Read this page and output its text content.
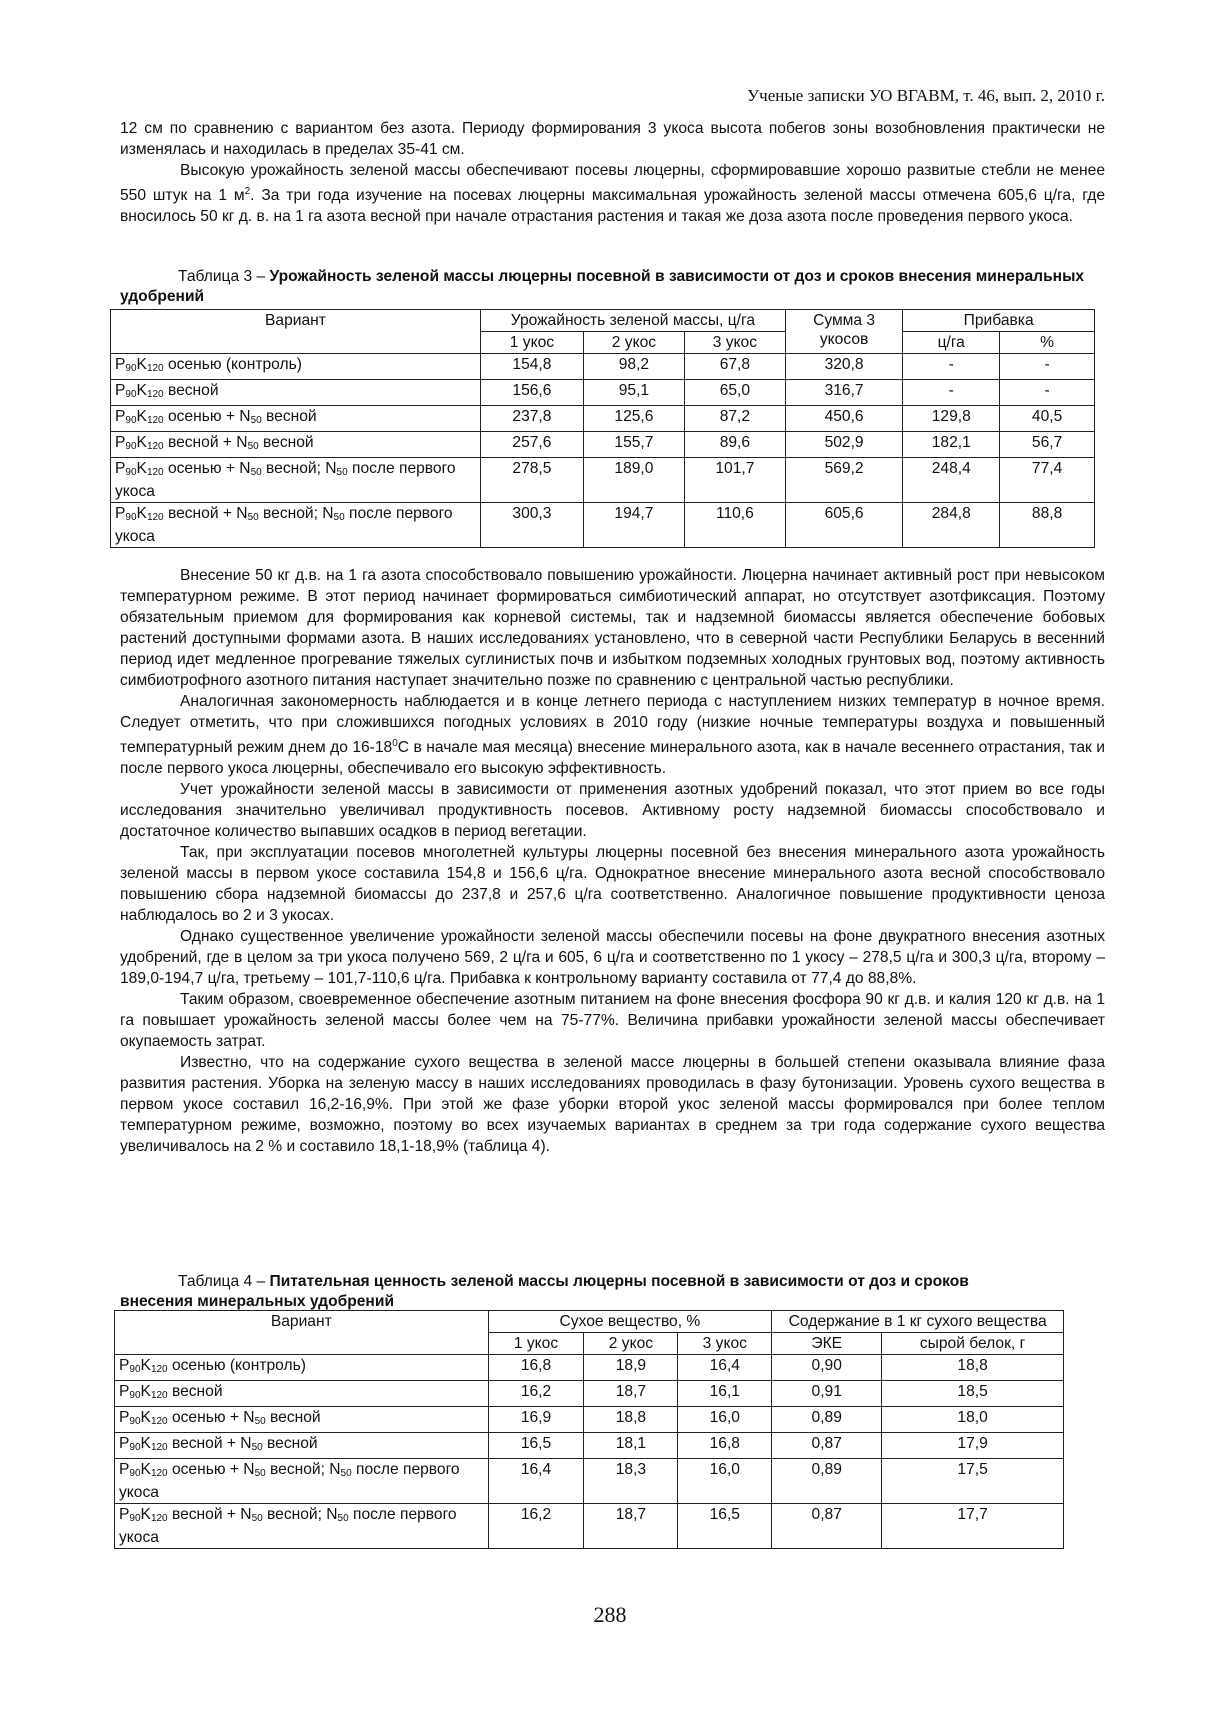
Ученые записки УО ВГАВМ, т. 46, вып. 2, 2010 г.

12 см по сравнению с вариантом без азота. Периоду формирования 3 укоса высота побегов зоны возобновления практически не изменялась и находилась в пределах 35-41 см.

Высокую урожайность зеленой массы обеспечивают посевы люцерны, сформировавшие хорошо развитые стебли не менее 550 штук на 1 $м^2$. За три года изучение на посевах люцерны максимальная урожайность зеленой массы отмечена 605,6 ц/га, где вносилось 50 кг д. в. на 1 га азота весной при начале отрастания растения и такая же доза азота после проведения первого укоса.

Таблица 3 – Урожайность зеленой массы люцерны посевной в зависимости от доз и сроков внесения минеральных удобрений
Вариант	Урожайность зеленой массы, ц/га			Сумма 3 укосов	Прибавка	
	1 укос	2 укос	3 укос		ц/га	%
$P_{90}K_{120}$ осенью (контроль)	154,8	98,2	67,8	320,8	-	-
$P_{90}K_{120}$ весной	156,6	95,1	65,0	316,7	-	-
$P_{90}K_{120}$ осенью + $N_{50}$ весной	237,8	125,6	87,2	450,6	129,8	40,5
$P_{90}K_{120}$ весной + $N_{50}$ весной	257,6	155,7	89,6	502,9	182,1	56,7
$P_{90}K_{120}$ осенью + $N_{50}$ весной; $N_{50}$ после первого укоса	278,5	189,0	101,7	569,2	248,4	77,4
$P_{90}K_{120}$ весной + $N_{50}$ весной; $N_{50}$ после первого укоса	300,3	194,7	110,6	605,6	284,8	88,8

Внесение 50 кг д.в. на 1 га азота способствовало повышению урожайности. Люцерна начинает активный рост при невысоком температурном режиме. В этот период начинает формироваться симбиотический аппарат, но отсутствует азотфиксация. Поэтому обязательным приемом для формирования как корневой системы, так и надземной биомассы является обеспечение бобовых растений доступными формами азота. В наших исследованиях установлено, что в северной части Республики Беларусь в весенний период идет медленное прогревание тяжелых суглинистых почв и избытком подземных холодных грунтовых вод, поэтому активность симбиотрофного азотного питания наступает значительно позже по сравнению с центральной частью республики.

Аналогичная закономерность наблюдается и в конце летнего периода с наступлением низких температур в ночное время. Следует отметить, что при сложившихся погодных условиях в 2010 году (низкие ночные температуры воздуха и повышенный температурный режим днем до $16-18^0С$ в начале мая месяца) внесение минерального азота, как в начале весеннего отрастания, так и после первого укоса люцерны, обеспечивало его высокую эффективность.

Учет урожайности зеленой массы в зависимости от применения азотных удобрений показал, что этот прием во все годы исследования значительно увеличивал продуктивность посевов. Активному росту надземной биомассы способствовало и достаточное количество выпавших осадков в период вегетации.

Так, при эксплуатации посевов многолетней культуры люцерны посевной без внесения минерального азота урожайность зеленой массы в первом укосе составила 154,8 и 156,6 ц/га. Однократное внесение минерального азота весной способствовало повышению сбора надземной биомассы до 237,8 и 257,6 ц/га соответственно. Аналогичное повышение продуктивности ценоза наблюдалось во 2 и 3 укосах.

Однако существенное увеличение урожайности зеленой массы обеспечили посевы на фоне двукратного внесения азотных удобрений, где в целом за три укоса получено 569, 2 ц/га и 605, 6 ц/га и соответственно по 1 укосу – 278,5 ц/га и 300,3 ц/га, второму – 189,0-194,7 ц/га, третьему – 101,7-110,6 ц/га. Прибавка к контрольному варианту составила от 77,4 до 88,8%.

Таким образом, своевременное обеспечение азотным питанием на фоне внесения фосфора 90 кг д.в. и калия 120 кг д.в. на 1 га повышает урожайность зеленой массы более чем на 75-77%. Величина прибавки урожайности зеленой массы обеспечивает окупаемость затрат.

Известно, что на содержание сухого вещества в зеленой массе люцерны в большей степени оказывала влияние фаза развития растения. Уборка на зеленую массу в наших исследованиях проводилась в фазу бутонизации. Уровень сухого вещества в первом укосе составил 16,2-16,9%. При этой же фазе уборки второй укос зеленой массы формировался при более теплом температурном режиме, возможно, поэтому во всех изучаемых вариантах в среднем за три года содержание сухого вещества увеличивалось на 2 % и составило 18,1-18,9% (таблица 4).

Таблица 4 – Питательная ценность зеленой массы люцерны посевной в зависимости от доз и сроков внесения минеральных удобрений
Вариант	Сухое вещество, %			Содержание в 1 кг сухого вещества	
	1 укос	2 укос	3 укос	ЭКЕ	сырой белок, г
$P_{90}K_{120}$ осенью (контроль)	16,8	18,9	16,4	0,90	18,8
$P_{90}K_{120}$ весной	16,2	18,7	16,1	0,91	18,5
$P_{90}K_{120}$ осенью + $N_{50}$ весной	16,9	18,8	16,0	0,89	18,0
$P_{90}K_{120}$ весной + $N_{50}$ весной	16,5	18,1	16,8	0,87	17,9
$P_{90}K_{120}$ осенью + $N_{50}$ весной; $N_{50}$ после первого укоса	16,4	18,3	16,0	0,89	17,5
$P_{90}K_{120}$ весной + $N_{50}$ весной; $N_{50}$ после первого укоса	16,2	18,7	16,5	0,87	17,7
288
